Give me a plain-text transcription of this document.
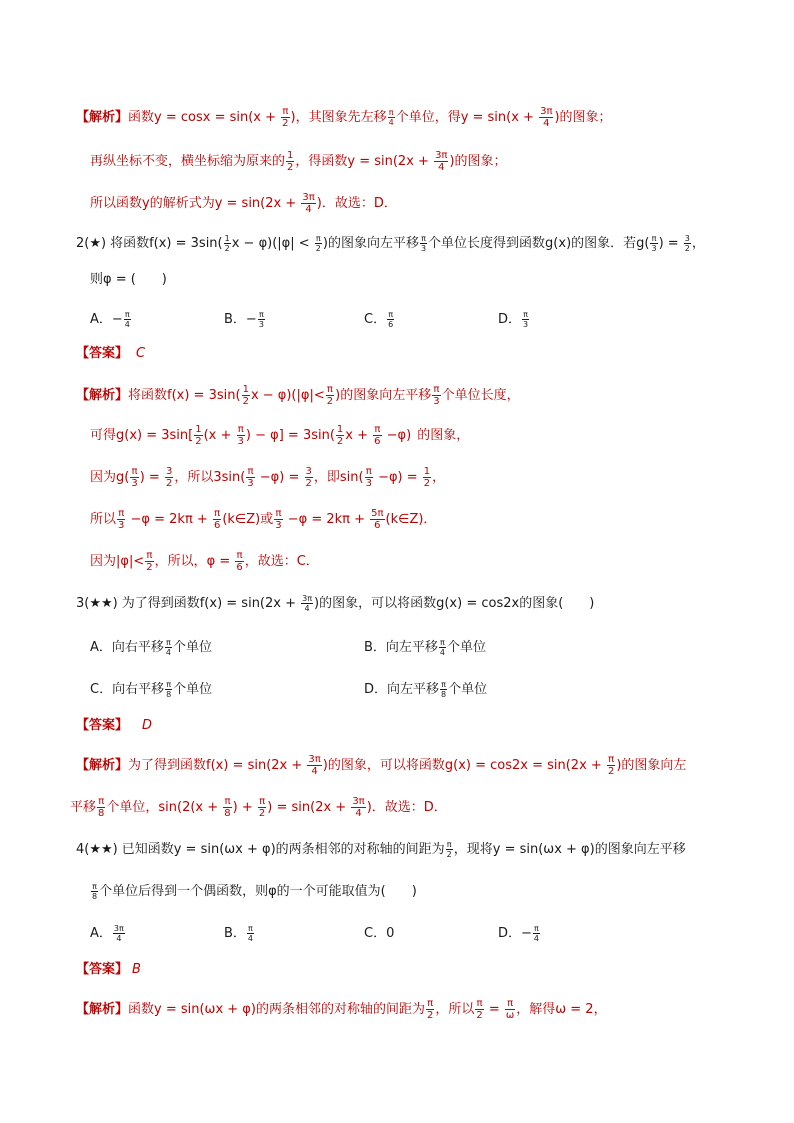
【解析】函数$y = \cos x = \sin(x + \frac{\pi}{2}$ )，其图象先左移 $\frac{\pi}{4}$ 个单位，得$y = \sin(x + \frac{3\pi}{4}$ )的图象；
再纵坐标不变，横坐标缩为原来的 $\frac{1}{2}$ ，得函数$y = \sin(2x + \frac{3\pi}{4}$ )的图象；
所以函数y的解析式为$y = \sin(2x + \frac{3\pi}{4}$ )．故选：D．
2(★) 将函数$f(x) = 3\sin( \frac{1}{2}$ $x - \varphi)(|\varphi| < \frac{\pi}{2}$ )的图象向左平移 $\frac{\pi}{3}$ 个单位长度得到函数g(x)的图象．若$g( \frac{\pi}{3}$ ) = $\frac{3}{2}$ ，
则φ = (　　)
A．− $\frac{\pi}{4}$	B．− $\frac{\pi}{3}$	C． $\frac{\pi}{6}$	D． $\frac{\pi}{3}$
【答案】 C
【解析】将函数$f(x) = 3\sin( \frac{1}{2}$ $x - \varphi)(|\varphi|< \frac{\pi}{2}$ )的图象向左平移 $\frac{\pi}{3}$ 个单位长度，
可得$g(x) = 3\sin[ \frac{1}{2} (x + \frac{\pi}{3}$ ) − $\varphi] = 3\sin( \frac{1}{2}$ $x + \frac{\pi}{6} -\varphi$) 的图象，
因为$g( \frac{\pi}{3}$ ) = $\frac{3}{2}$ ，所以$3\sin( \frac{\pi}{3} -\varphi) = \frac{3}{2}$ ，即$\sin( \frac{\pi}{3} -\varphi) = \frac{1}{2}$ ，
所以 $\frac{\pi}{3} -\varphi = 2k\pi + \frac{\pi}{6}$ (k∈Z)或 $\frac{\pi}{3} -\varphi = 2k\pi + \frac{5\pi}{6}$ (k∈Z)．
因为$|\varphi|< \frac{\pi}{2}$ ，所以，$\varphi = \frac{\pi}{6}$ ，故选：C．
3(★★) 为了得到函数$f(x) = \sin(2x + \frac{3\pi}{4}$ )的图象，可以将函数g(x) = cos2x的图象(　　)
A．向右平移 $\frac{\pi}{4}$ 个单位	B．向左平移 $\frac{\pi}{4}$ 个单位
C．向右平移 $\frac{\pi}{8}$ 个单位	D．向左平移 $\frac{\pi}{8}$ 个单位
【答案】 D
【解析】为了得到函数$f(x) = \sin(2x + \frac{3\pi}{4}$ )的图象，可以将函数$g(x) = \cos 2x = \sin(2x + \frac{\pi}{2}$ )的图象向左
平移 $\frac{\pi}{8}$ 个单位，$\sin(2(x + \frac{\pi}{8}$ ) + $\frac{\pi}{2}$ ) = $\sin(2x + \frac{3\pi}{4}$ )．故选：D．
4(★★) 已知函数y = sin(ωx + φ)的两条相邻的对称轴的间距为 $\frac{\pi}{2}$ ，现将y = sin(ωx + φ)的图象向左平移
$\frac{\pi}{8}$ 个单位后得到一个偶函数，则φ的一个可能取值为(　　)
A． $\frac{3\pi}{4}$	B． $\frac{\pi}{4}$	C．0	D．− $\frac{\pi}{4}$
【答案】 B
【解析】函数y = sin(ωx + φ)的两条相邻的对称轴的间距为 $\frac{\pi}{2}$ ，所以 $\frac{\pi}{2} = \frac{\pi}{\omega}$ ，解得ω = 2，
